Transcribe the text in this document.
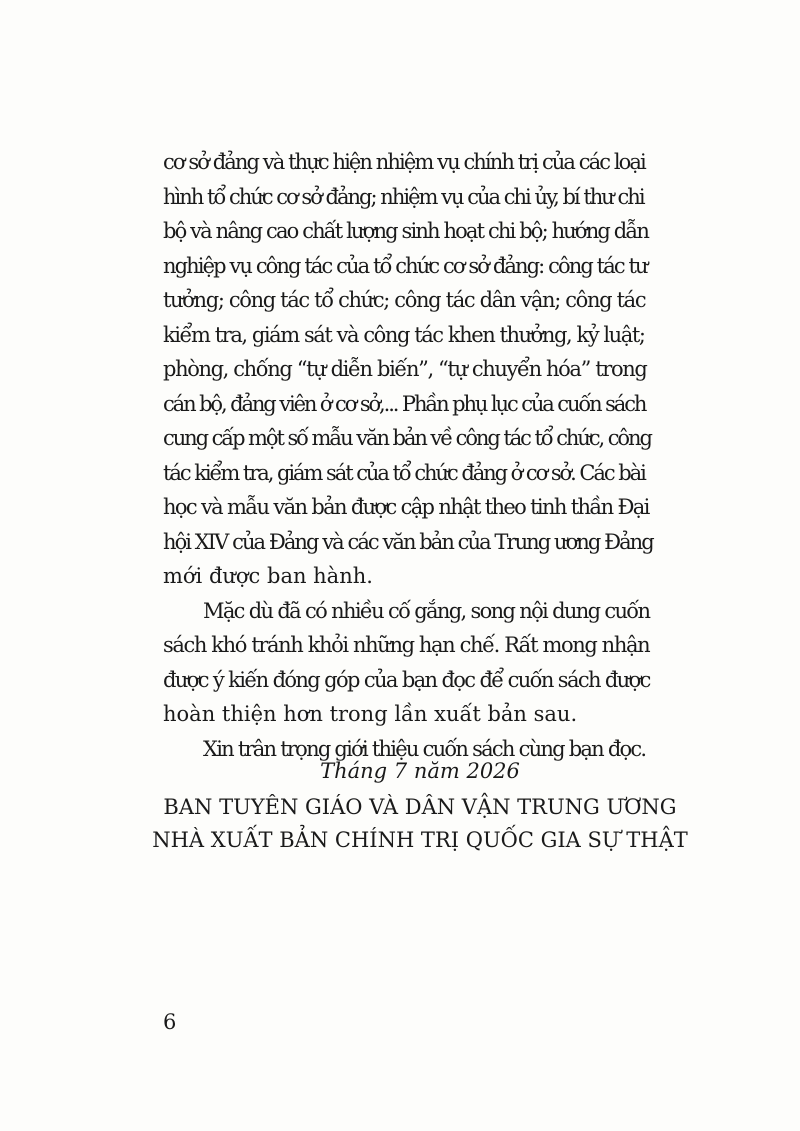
cơ sở đảng và thực hiện nhiệm vụ chính trị của các loại
hình tổ chức cơ sở đảng; nhiệm vụ của chi ủy, bí thư chi
bộ và nâng cao chất lượng sinh hoạt chi bộ; hướng dẫn
nghiệp vụ công tác của tổ chức cơ sở đảng: công tác tư
tưởng; công tác tổ chức; công tác dân vận; công tác
kiểm tra, giám sát và công tác khen thưởng, kỷ luật;
phòng, chống “tự diễn biến”, “tự chuyển hóa” trong
cán bộ, đảng viên ở cơ sở,... Phần phụ lục của cuốn sách
cung cấp một số mẫu văn bản về công tác tổ chức, công
tác kiểm tra, giám sát của tổ chức đảng ở cơ sở. Các bài
học và mẫu văn bản được cập nhật theo tinh thần Đại
hội XIV của Đảng và các văn bản của Trung ương Đảng
mới được ban hành.
Mặc dù đã có nhiều cố gắng, song nội dung cuốn
sách khó tránh khỏi những hạn chế. Rất mong nhận
được ý kiến đóng góp của bạn đọc để cuốn sách được
hoàn thiện hơn trong lần xuất bản sau.
Xin trân trọng giới thiệu cuốn sách cùng bạn đọc.
Tháng 7 năm 2026
BAN TUYÊN GIÁO VÀ DÂN VẬN TRUNG ƯƠNG
NHÀ XUẤT BẢN CHÍNH TRỊ QUỐC GIA SỰ THẬT
6
